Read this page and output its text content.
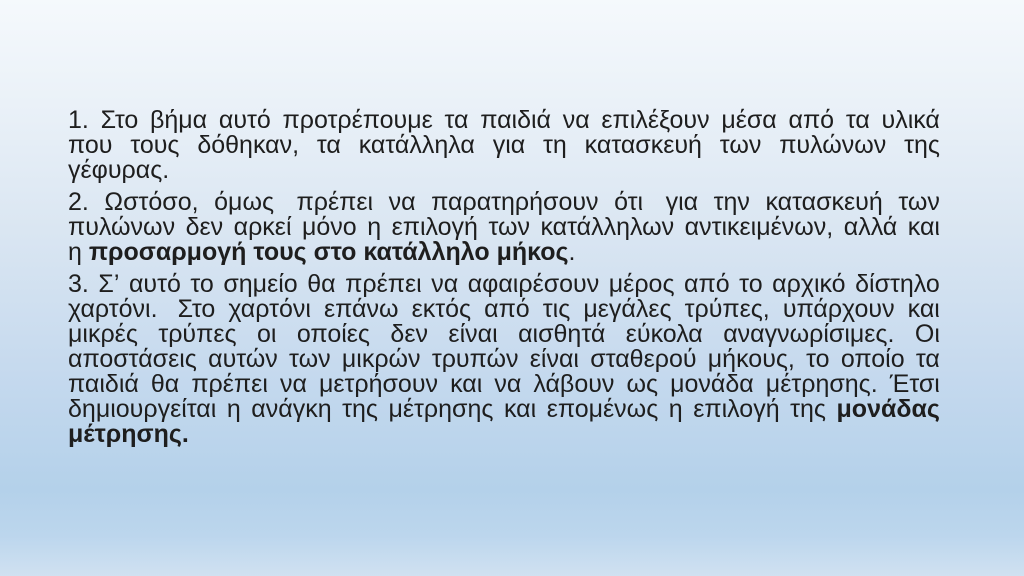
1. Στο βήμα αυτό προτρέπουμε τα παιδιά να επιλέξουν μέσα από τα υλικά
που τους δόθηκαν, τα κατάλληλα για τη κατασκευή των πυλώνων της
γέφυρας.
2. Ωστόσο, όμως πρέπει να παρατηρήσουν ότι για την κατασκευή των
πυλώνων δεν αρκεί μόνο η επιλογή των κατάλληλων αντικειμένων, αλλά και
η προσαρμογή τους στο κατάλληλο μήκος.
3. Σ’ αυτό το σημείο θα πρέπει να αφαιρέσουν μέρος από το αρχικό δίστηλο
χαρτόνι. Στο χαρτόνι επάνω εκτός από τις μεγάλες τρύπες, υπάρχουν και
μικρές τρύπες οι οποίες δεν είναι αισθητά εύκολα αναγνωρίσιμες. Οι
αποστάσεις αυτών των μικρών τρυπών είναι σταθερού μήκους, το οποίο τα
παιδιά θα πρέπει να μετρήσουν και να λάβουν ως μονάδα μέτρησης. Έτσι
δημιουργείται η ανάγκη της μέτρησης και επομένως η επιλογή της μονάδας
μέτρησης.
